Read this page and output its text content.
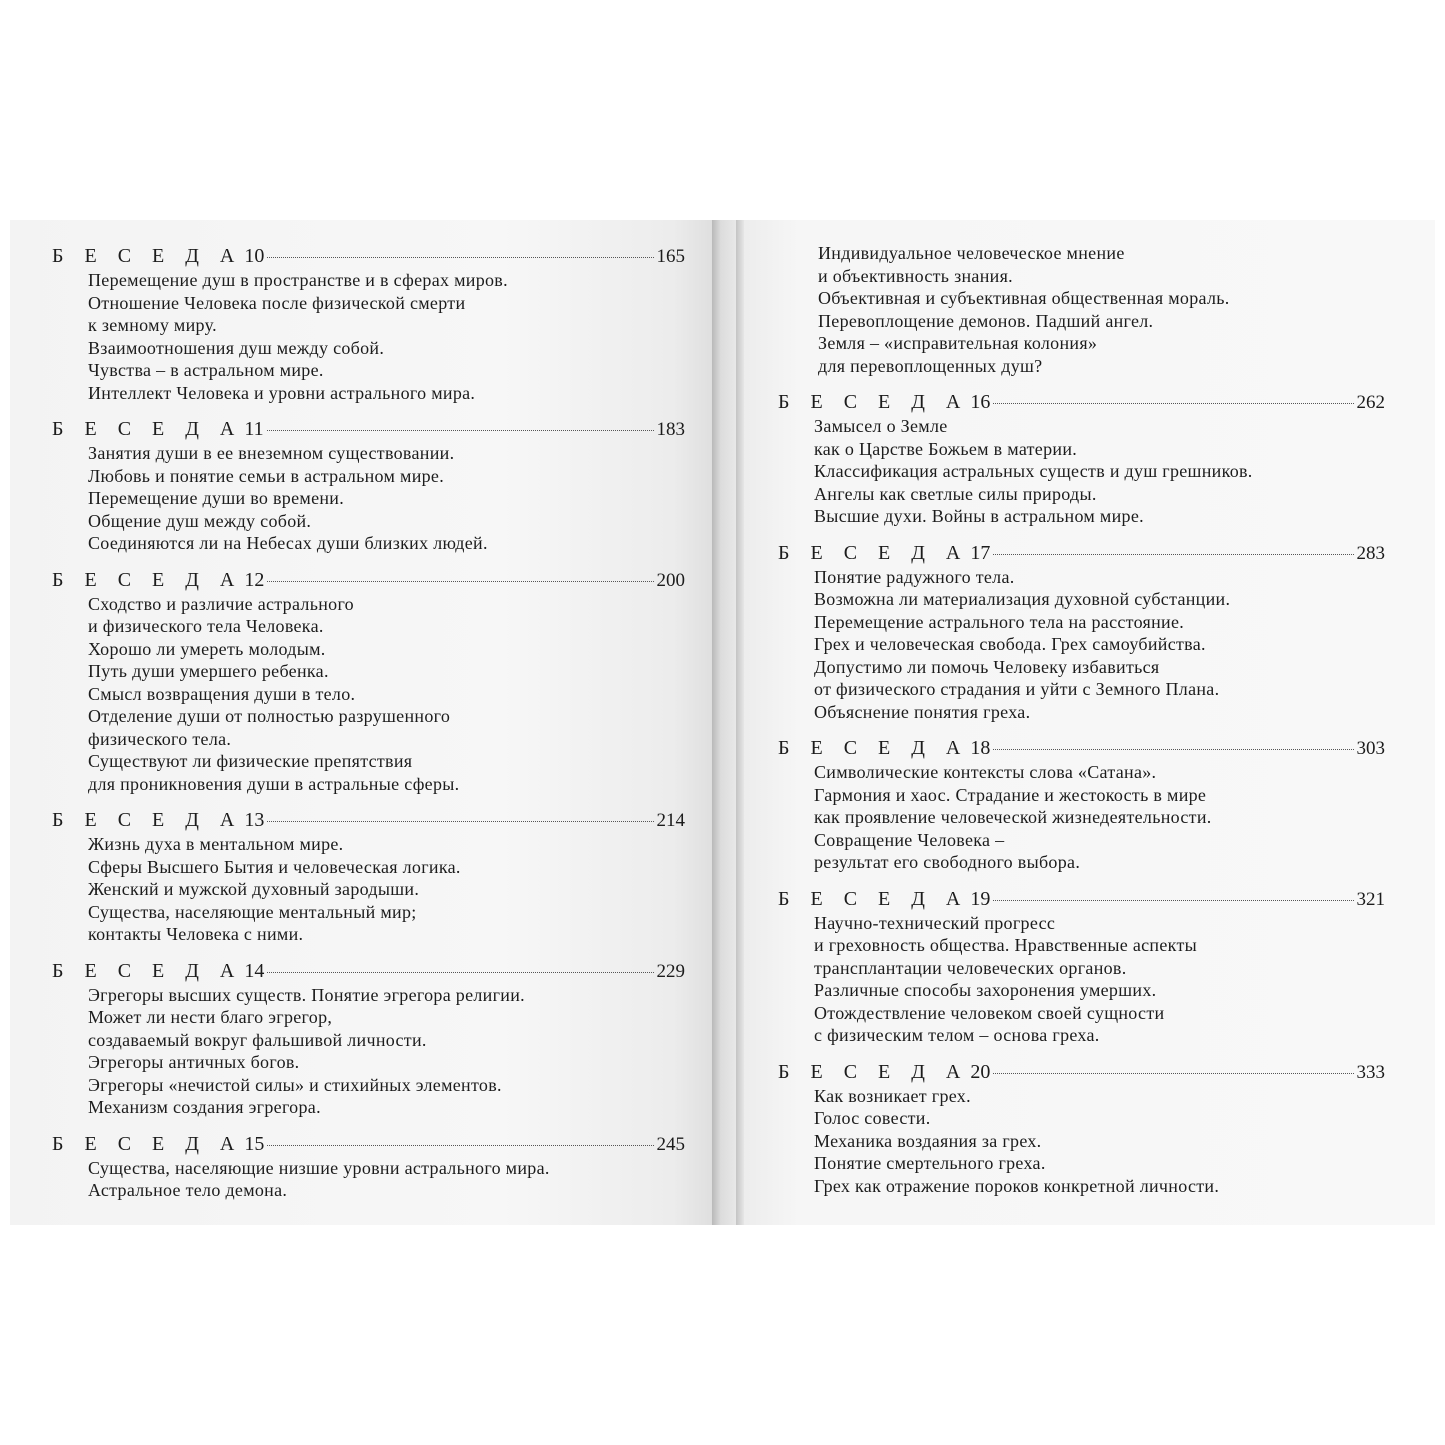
Б Е С Е Д А 10	165
Перемещение душ в пространстве и в сферах миров.
Отношение Человека после физической смерти
к земному миру.
Взаимоотношения душ между собой.
Чувства – в астральном мире.
Интеллект Человека и уровни астрального мира.
Б Е С Е Д А 11	183
Занятия души в ее внеземном существовании.
Любовь и понятие семьи в астральном мире.
Перемещение души во времени.
Общение душ между собой.
Соединяются ли на Небесах души близких людей.
Б Е С Е Д А 12	200
Сходство и различие астрального
и физического тела Человека.
Хорошо ли умереть молодым.
Путь души умершего ребенка.
Смысл возвращения души в тело.
Отделение души от полностью разрушенного
физического тела.
Существуют ли физические препятствия
для проникновения души в астральные сферы.
Б Е С Е Д А 13	214
Жизнь духа в ментальном мире.
Сферы Высшего Бытия и человеческая логика.
Женский и мужской духовный зародыши.
Существа, населяющие ментальный мир;
контакты Человека с ними.
Б Е С Е Д А 14	229
Эгрегоры высших существ. Понятие эгрегора религии.
Может ли нести благо эгрегор,
создаваемый вокруг фальшивой личности.
Эгрегоры античных богов.
Эгрегоры «нечистой силы» и стихийных элементов.
Механизм создания эгрегора.
Б Е С Е Д А 15	245
Существа, населяющие низшие уровни астрального мира.
Астральное тело демона.
Индивидуальное человеческое мнение
и объективность знания.
Объективная и субъективная общественная мораль.
Перевоплощение демонов. Падший ангел.
Земля – «исправительная колония»
для перевоплощенных душ?
Б Е С Е Д А 16	262
Замысел о Земле
как о Царстве Божьем в материи.
Классификация астральных существ и душ грешников.
Ангелы как светлые силы природы.
Высшие духи. Войны в астральном мире.
Б Е С Е Д А 17	283
Понятие радужного тела.
Возможна ли материализация духовной субстанции.
Перемещение астрального тела на расстояние.
Грех и человеческая свобода. Грех самоубийства.
Допустимо ли помочь Человеку избавиться
от физического страдания и уйти с Земного Плана.
Объяснение понятия греха.
Б Е С Е Д А 18	303
Символические контексты слова «Сатана».
Гармония и хаос. Страдание и жестокость в мире
как проявление человеческой жизнедеятельности.
Совращение Человека –
результат его свободного выбора.
Б Е С Е Д А 19	321
Научно-технический прогресс
и греховность общества. Нравственные аспекты
трансплантации человеческих органов.
Различные способы захоронения умерших.
Отождествление человеком своей сущности
с физическим телом – основа греха.
Б Е С Е Д А 20	333
Как возникает грех.
Голос совести.
Механика воздаяния за грех.
Понятие смертельного греха.
Грех как отражение пороков конкретной личности.
